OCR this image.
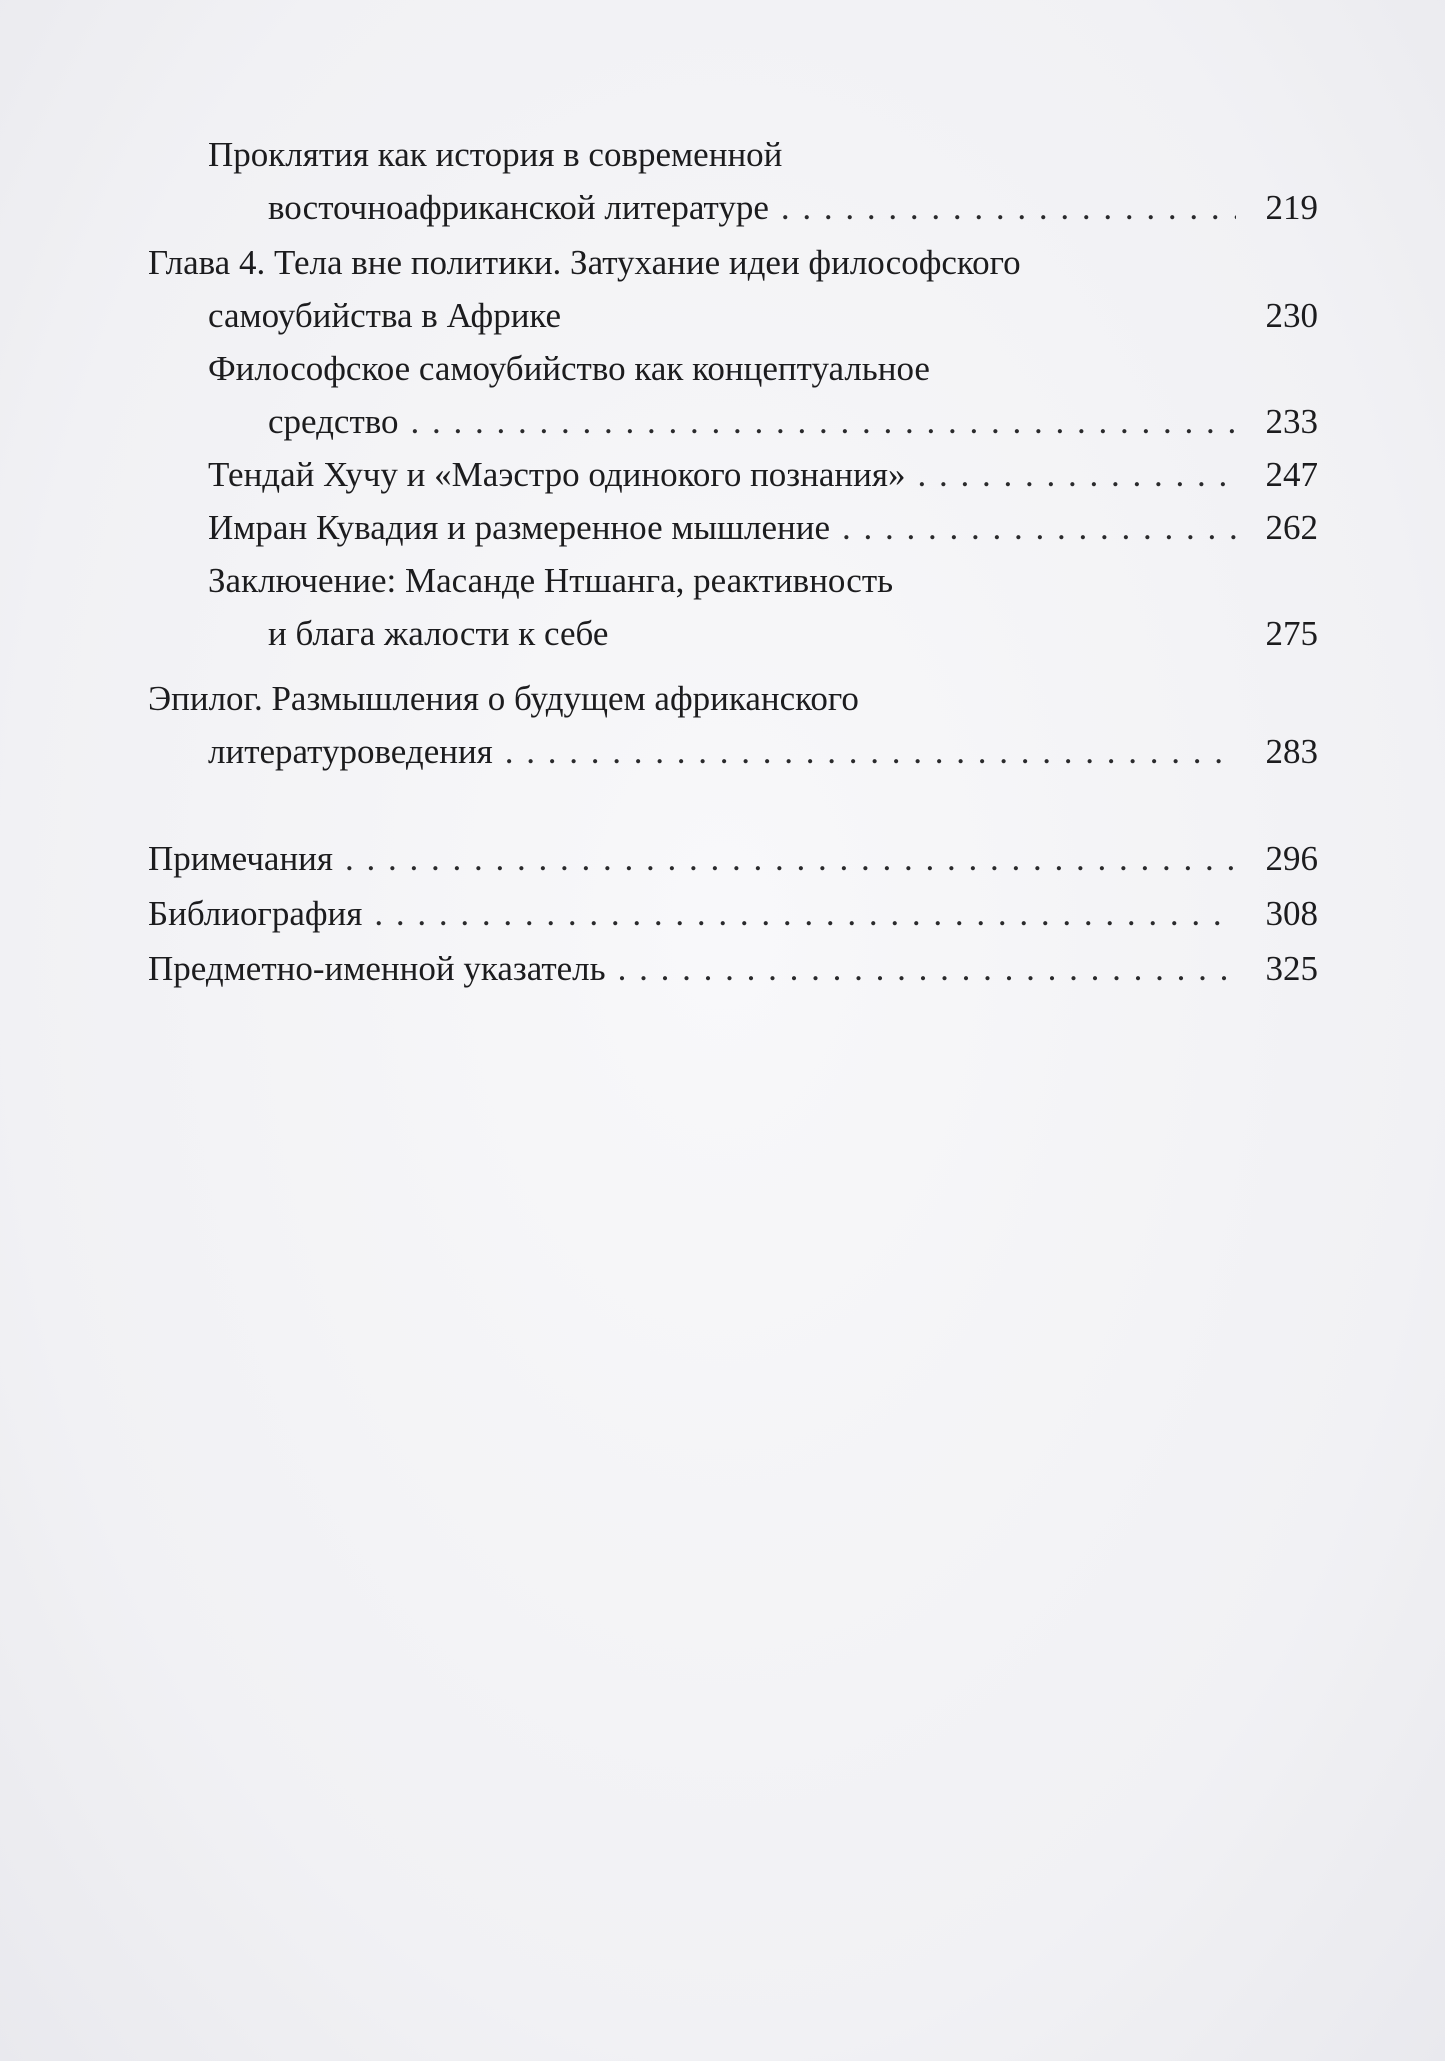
Проклятия как история в современной
восточноафриканской литературе . . .	219
Глава 4. Тела вне политики. Затухание идеи философского
самоубийства в Африке	230
Философское самоубийство как концептуальное
средство . . .	233
Тендай Хучу и «Маэстро одинокого познания» . . .	247
Имран Кувадия и размеренное мышление . . .	262
Заключение: Масанде Нтшанга, реактивность
и блага жалости к себе	275
Эпилог. Размышления о будущем африканского
литературоведения . . .	283
Примечания . . .	296
Библиография . . .	308
Предметно-именной указатель . . .	325
